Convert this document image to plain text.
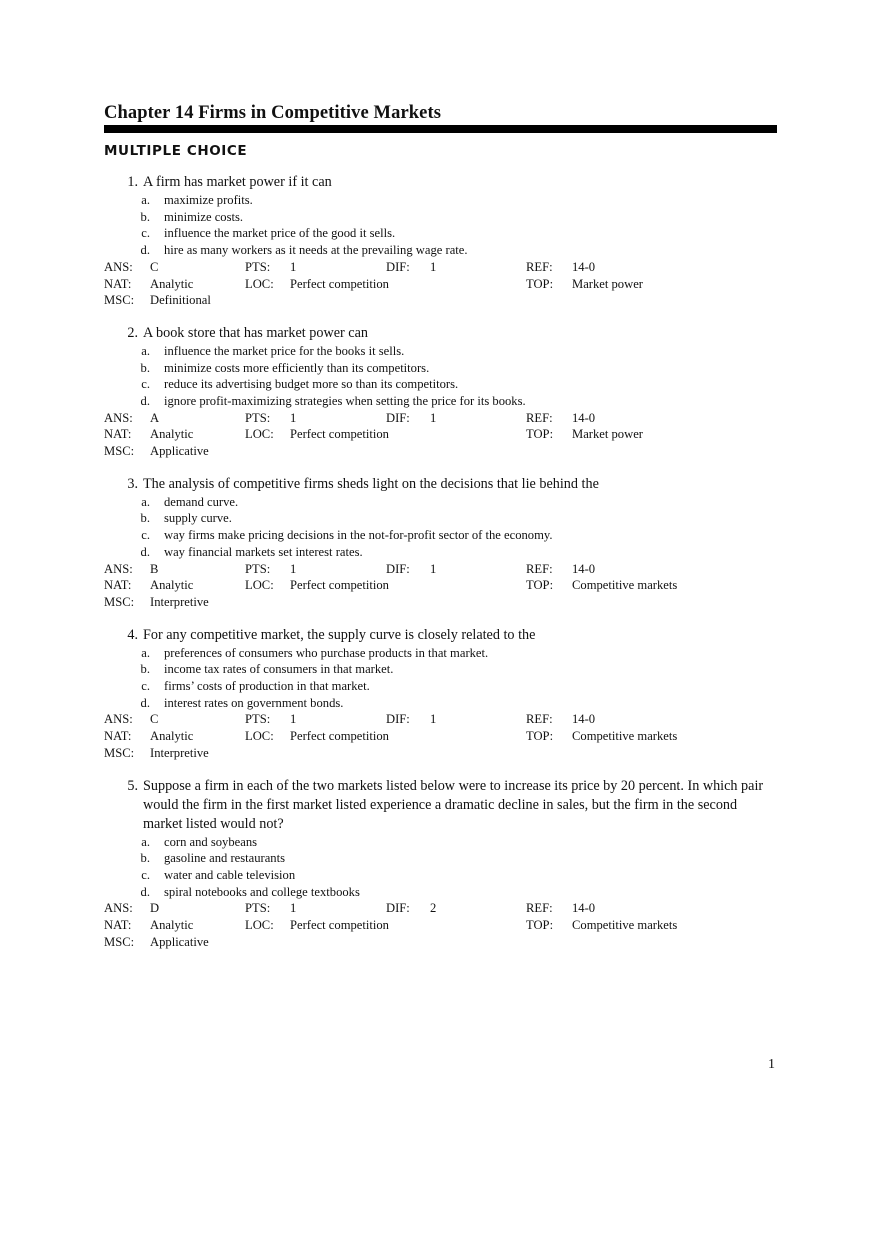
Chapter 14 Firms in Competitive Markets
MULTIPLE CHOICE
1. A firm has market power if it can
a.	maximize profits.
b.	minimize costs.
c.	influence the market price of the good it sells.
d.	hire as many workers as it needs at the prevailing wage rate.
ANS: C	PTS: 1	DIF: 1	REF: 14-0
NAT: Analytic	LOC: Perfect competition	TOP: Market power
MSC: Definitional
2. A book store that has market power can
a.	influence the market price for the books it sells.
b.	minimize costs more efficiently than its competitors.
c.	reduce its advertising budget more so than its competitors.
d.	ignore profit-maximizing strategies when setting the price for its books.
ANS: A	PTS: 1	DIF: 1	REF: 14-0
NAT: Analytic	LOC: Perfect competition	TOP: Market power
MSC: Applicative
3. The analysis of competitive firms sheds light on the decisions that lie behind the
a.	demand curve.
b.	supply curve.
c.	way firms make pricing decisions in the not-for-profit sector of the economy.
d.	way financial markets set interest rates.
ANS: B	PTS: 1	DIF: 1	REF: 14-0
NAT: Analytic	LOC: Perfect competition	TOP: Competitive markets
MSC: Interpretive
4. For any competitive market, the supply curve is closely related to the
a.	preferences of consumers who purchase products in that market.
b.	income tax rates of consumers in that market.
c.	firms’ costs of production in that market.
d.	interest rates on government bonds.
ANS: C	PTS: 1	DIF: 1	REF: 14-0
NAT: Analytic	LOC: Perfect competition	TOP: Competitive markets
MSC: Interpretive
5. Suppose a firm in each of the two markets listed below were to increase its price by 20 percent. In which pair would the firm in the first market listed experience a dramatic decline in sales, but the firm in the second market listed would not?
a.	corn and soybeans
b.	gasoline and restaurants
c.	water and cable television
d.	spiral notebooks and college textbooks
ANS: D	PTS: 1	DIF: 2	REF: 14-0
NAT: Analytic	LOC: Perfect competition	TOP: Competitive markets
MSC: Applicative
1
